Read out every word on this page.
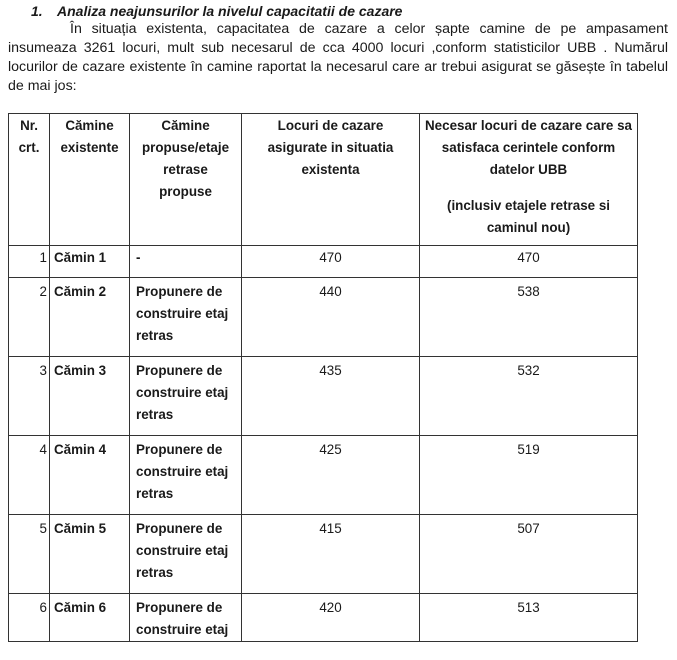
1. Analiza neajunsurilor la nivelul capacitatii de cazare
În situația existenta, capacitatea de cazare a celor șapte camine de pe ampasament insumeaza 3261 locuri, mult sub necesarul de cca 4000 locuri ,conform statisticilor UBB . Numărul locurilor de cazare existente în camine raportat la necesarul care ar trebui asigurat se găsește în tabelul de mai jos:
Nr. crt.	Cămine existente	Cămine propuse/etaje retrase propuse	Locuri de cazare asigurate in situatia existenta	Necesar locuri de cazare care sa satisfaca cerintele conform datelor UBB
(inclusiv etajele retrase si caminul nou)

1	Cămin 1	-	470	470
2	Cămin 2	Propunere de construire etaj retras	440	538
3	Cămin 3	Propunere de construire etaj retras	435	532
4	Cămin 4	Propunere de construire etaj retras	425	519
5	Cămin 5	Propunere de construire etaj retras	415	507
6	Cămin 6	Propunere de construire etaj	420	513
